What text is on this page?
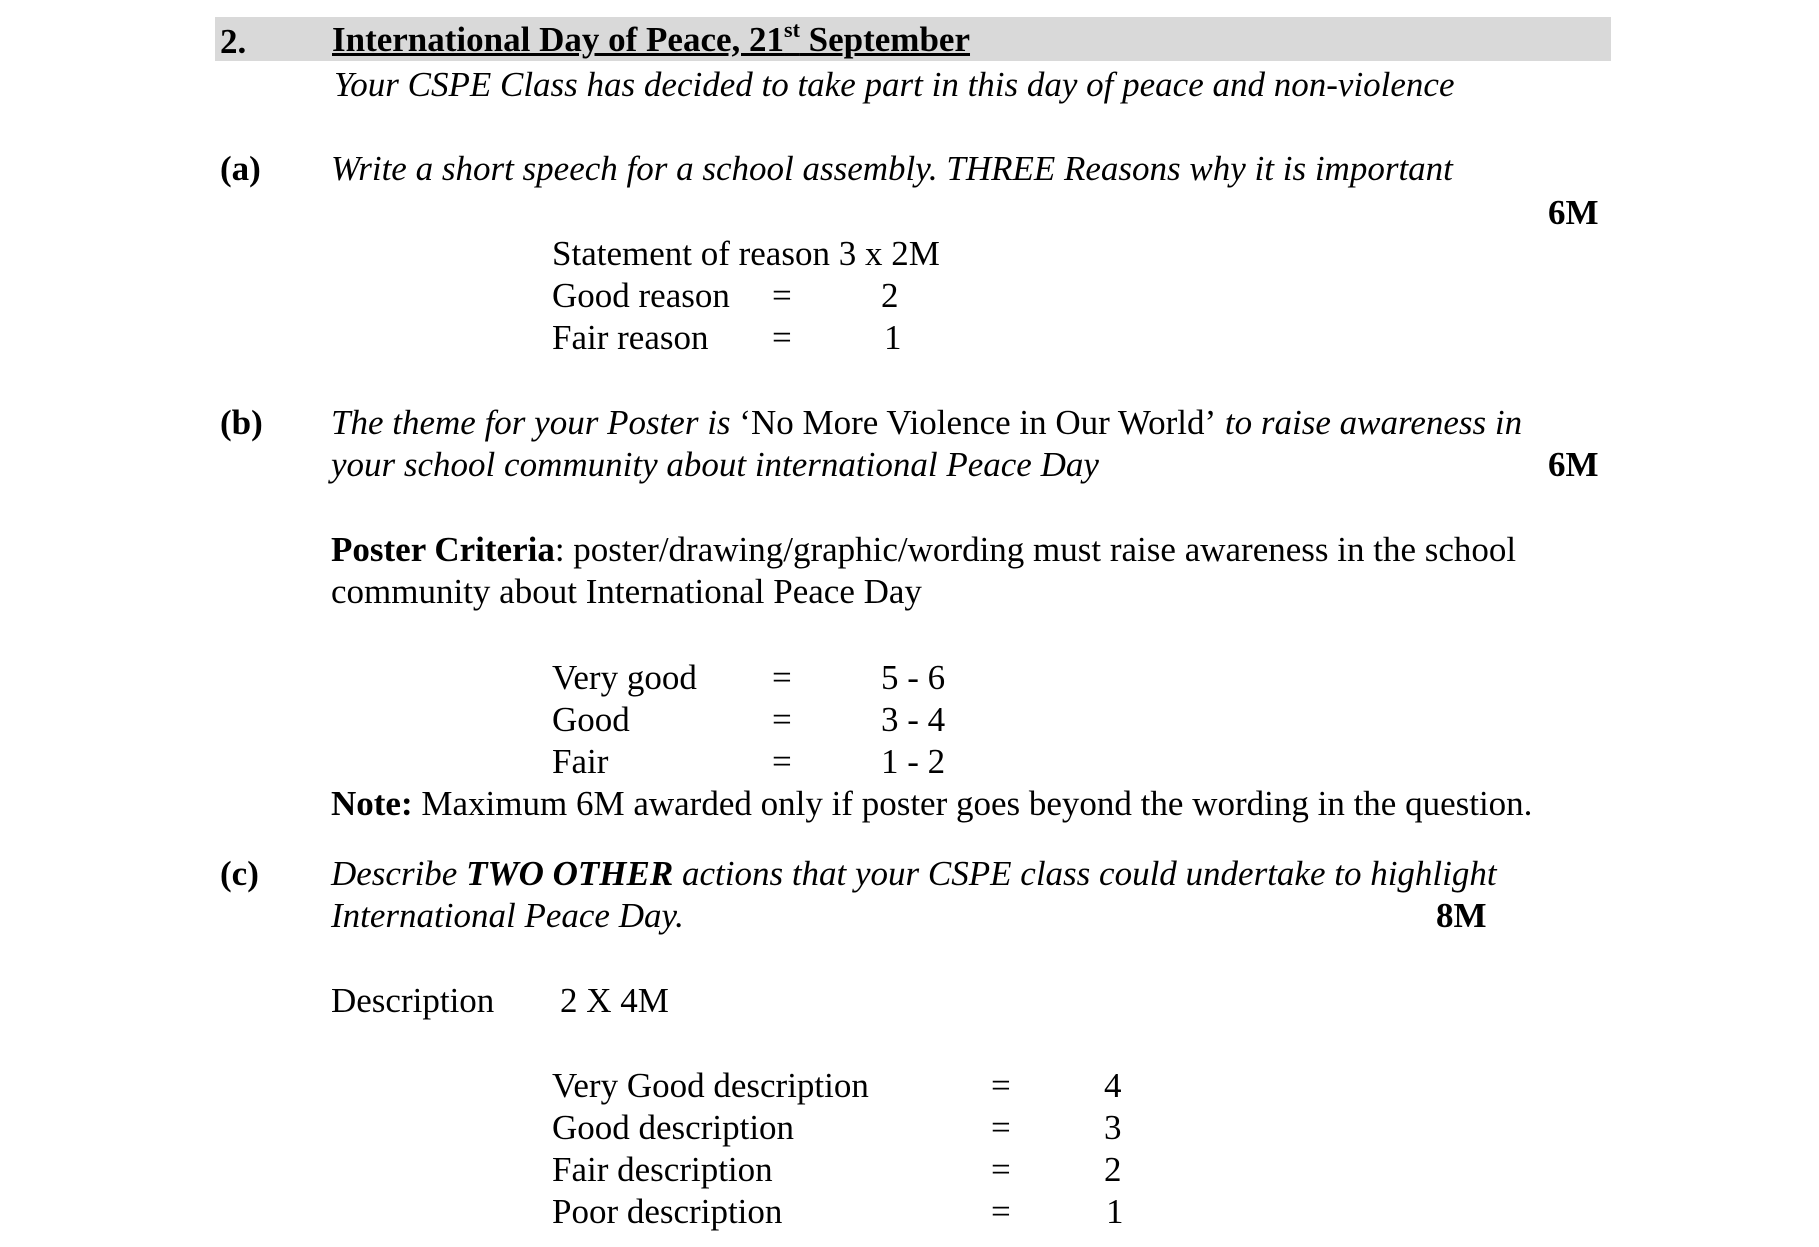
2. International Day of Peace, 21st September
Your CSPE Class has decided to take part in this day of peace and non-violence
(a) Write a short speech for a school assembly. THREE Reasons why it is important
6M
Statement of reason 3 x 2M
Good reason =	2
Fair reason =	1
(b) The theme for your Poster is ‘No More Violence in Our World’ to raise awareness in
your school community about international Peace Day	6M
Poster Criteria: poster/drawing/graphic/wording must raise awareness in the school
community about International Peace Day
Very good =	5 - 6
Good	=	3 - 4
Fair	=	1 - 2
Note: Maximum 6M awarded only if poster goes beyond the wording in the question.
(c) Describe TWO OTHER actions that your CSPE class could undertake to highlight
International Peace Day.	8M
Description 2 X 4M
Very Good description	=	4
Good description	=	3
Fair description	=	2
Poor description	=	1
